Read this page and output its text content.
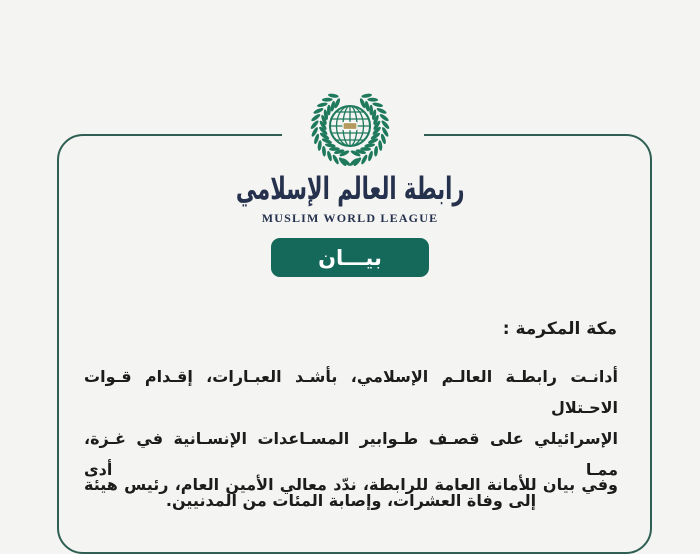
رابطة العالم الإسلامي
MUSLIM WORLD LEAGUE
بيـــان
مكة المكرمة :
أدانـت رابطـة العالـم الإسلامي، بأشـد العبـارات، إقـدام قـوات الاحـتلال
الإسرائيلي على قصـف طـوابير المسـاعدات الإنسـانية في غـزة، ممـا أدى
إلى وفاة العشرات، وإصابة المئات من المدنيين.
وفي بيان للأمانة العامة للرابطة، ندّد معالي الأمين العام، رئيس هيئة
